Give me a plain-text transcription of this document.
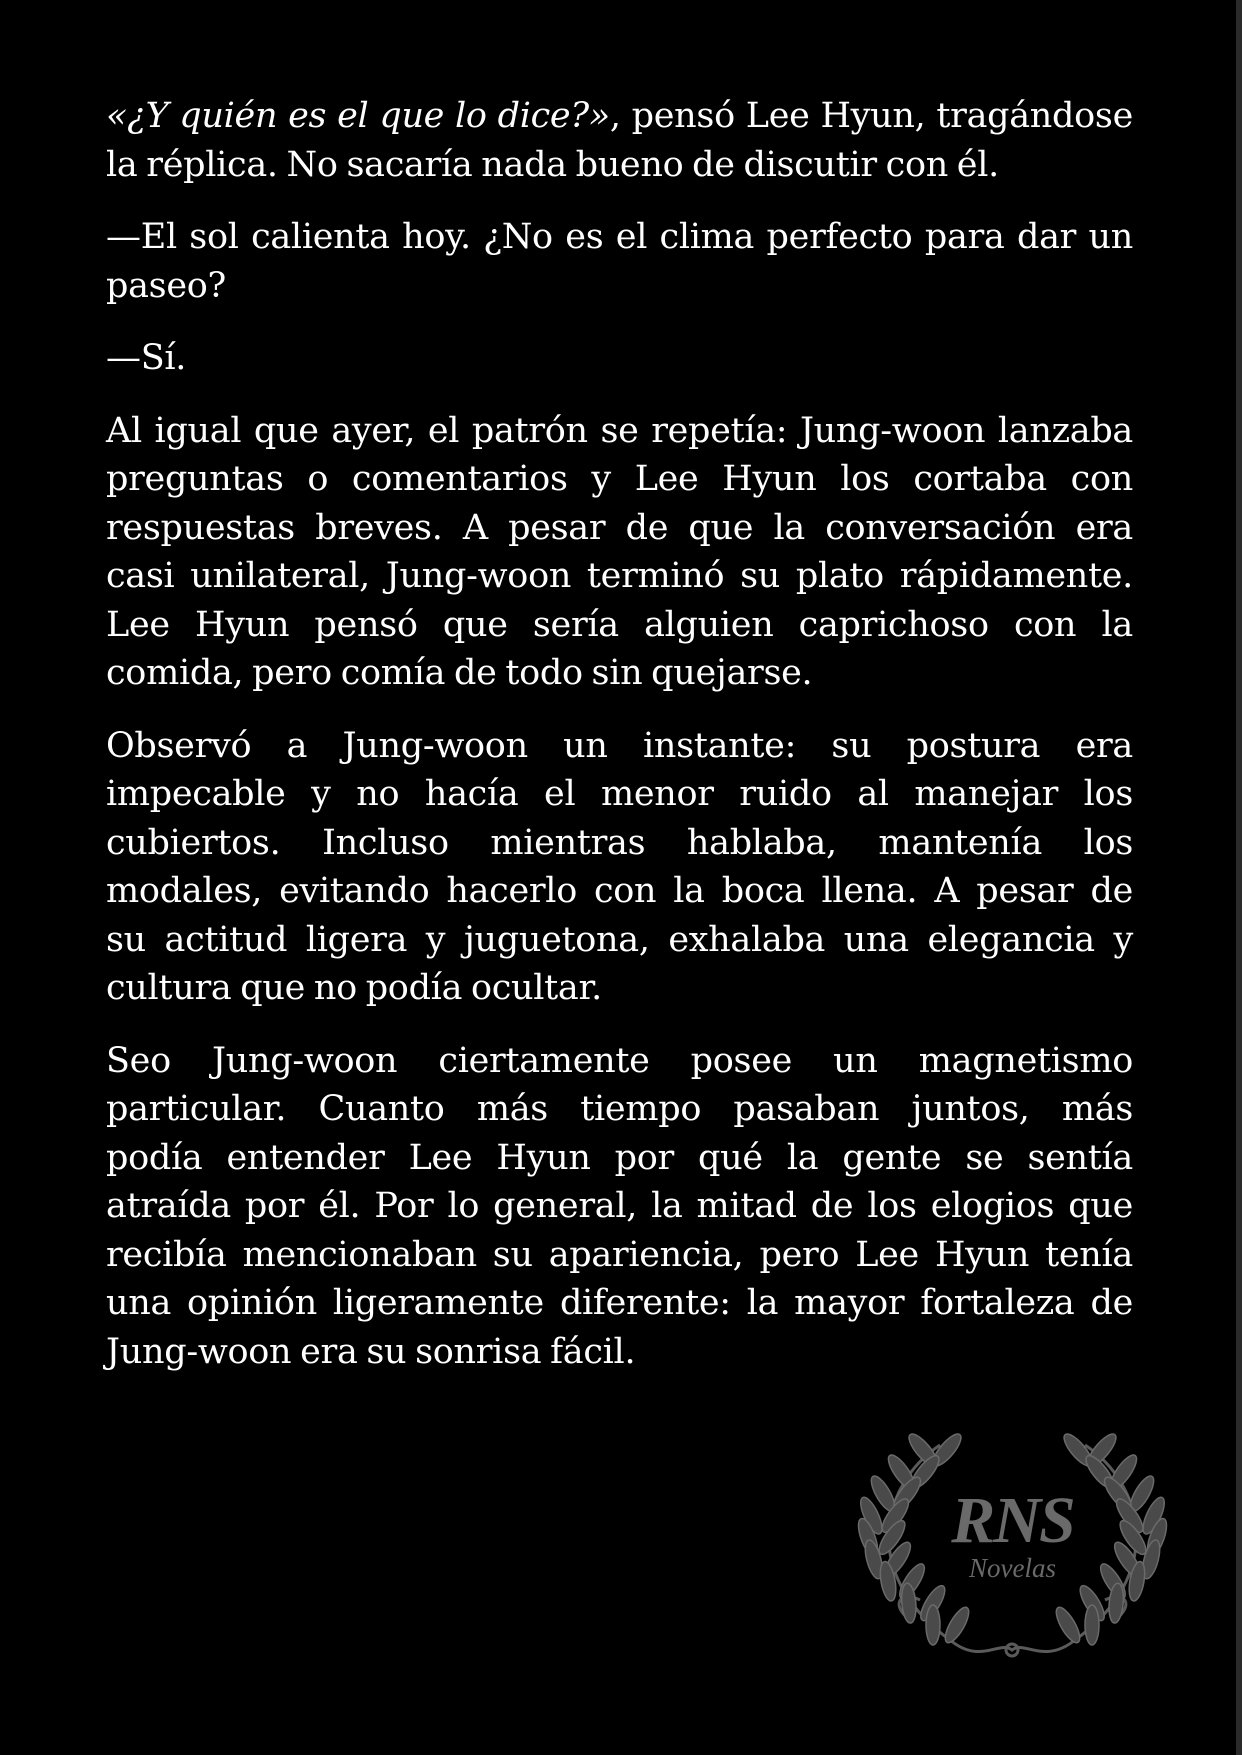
«¿Y quién es el que lo dice?», pensó Lee Hyun, tragándose
la réplica. No sacaría nada bueno de discutir con él.
—El sol calienta hoy. ¿No es el clima perfecto para dar un
paseo?
—Sí.
Al igual que ayer, el patrón se repetía: Jung-woon lanzaba
preguntas o comentarios y Lee Hyun los cortaba con
respuestas breves. A pesar de que la conversación era
casi unilateral, Jung-woon terminó su plato rápidamente.
Lee Hyun pensó que sería alguien caprichoso con la
comida, pero comía de todo sin quejarse.
Observó a Jung-woon un instante: su postura era
impecable y no hacía el menor ruido al manejar los
cubiertos. Incluso mientras hablaba, mantenía los
modales, evitando hacerlo con la boca llena. A pesar de
su actitud ligera y juguetona, exhalaba una elegancia y
cultura que no podía ocultar.
Seo Jung-woon ciertamente posee un magnetismo
particular. Cuanto más tiempo pasaban juntos, más
podía entender Lee Hyun por qué la gente se sentía
atraída por él. Por lo general, la mitad de los elogios que
recibía mencionaban su apariencia, pero Lee Hyun tenía
una opinión ligeramente diferente: la mayor fortaleza de
Jung-woon era su sonrisa fácil.
RNS
Novelas
